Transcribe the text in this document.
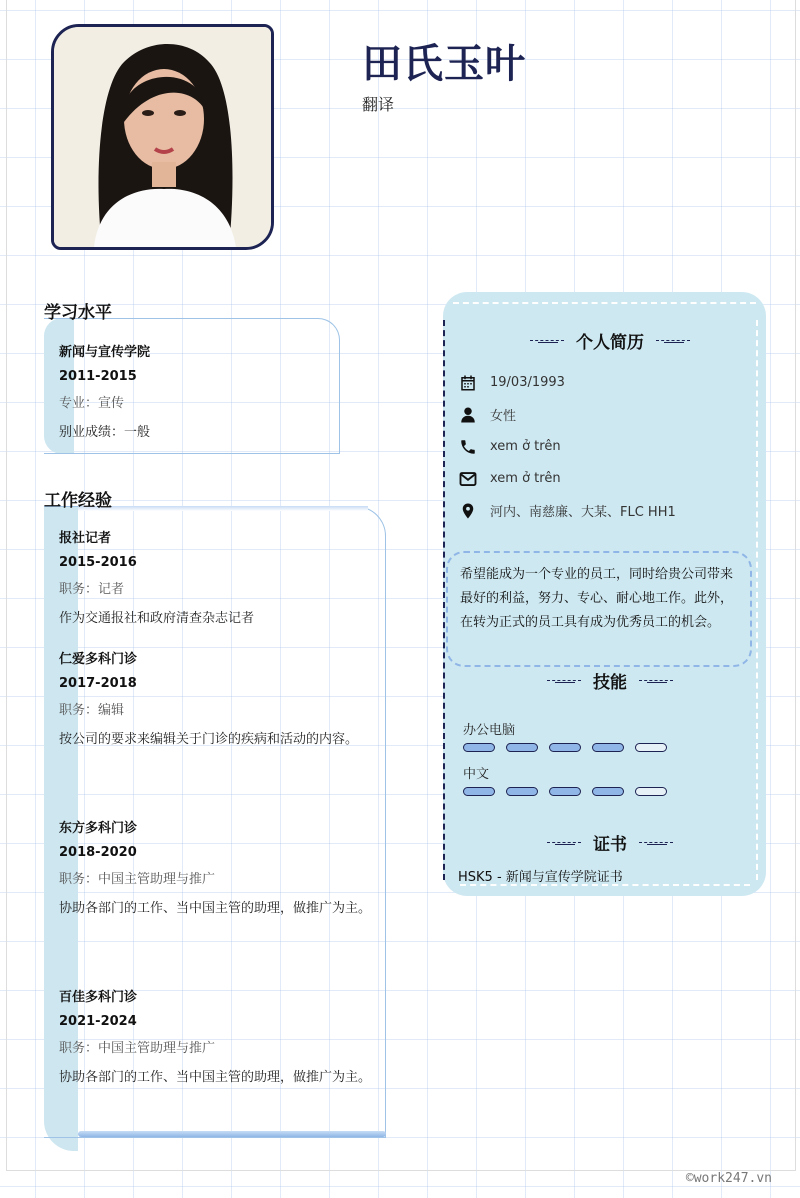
田氏玉叶
翻译
学习水平
新闻与宣传学院
2011-2015
专业：宣传
别业成绩：一般
工作经验
报社记者
2015-2016
职务：记者
作为交通报社和政府清查杂志记者
仁爱多科门诊
2017-2018
职务：编辑
按公司的要求来编辑关于门诊的疾病和活动的内容。
东方多科门诊
2018-2020
职务：中国主管助理与推广
协助各部门的工作、当中国主管的助理，做推广为主。
百佳多科门诊
2021-2024
职务：中国主管助理与推广
协助各部门的工作、当中国主管的助理，做推广为主。
个人简历
19/03/1993
女性
xem ở trên
xem ở trên
河内、南慈廉、大某、FLC HH1
希望能成为一个专业的员工，同时给贵公司带来最好的利益，努力、专心、耐心地工作。此外，在转为正式的员工具有成为优秀员工的机会。
技能
办公电脑
中文
证书
HSK5 - 新闻与宣传学院证书
©work247.vn
